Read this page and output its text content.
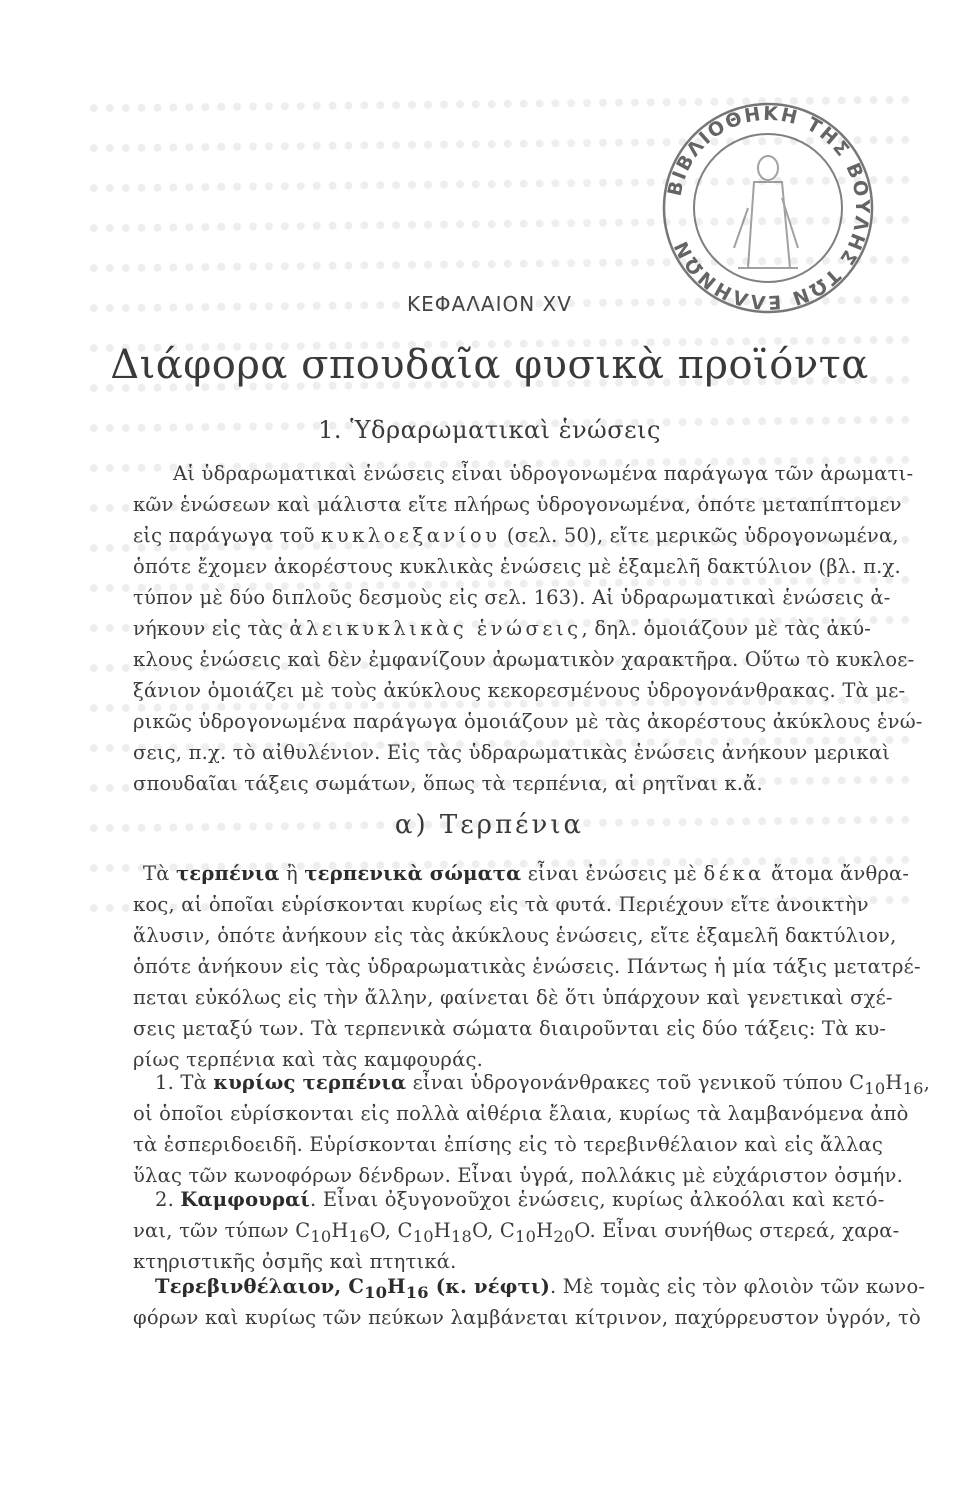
ΒΙΒΛΙΟΘΗΚΗ ΤΗΣ ΒΟΥΛΗΣ ΤΩΝ ΕΛΛΗΝΩΝ
ΚΕΦΑΛΑΙΟΝ XV
Διάφορα σπουδαῖα φυσικὰ προϊόντα
1. Ὑδραρωματικαὶ ἑνώσεις
Αἱ ὑδραρωματικαὶ ἑνώσεις εἶναι ὑδρογονωμένα παράγωγα τῶν ἀρωματι-
κῶν ἑνώσεων καὶ μάλιστα εἴτε πλήρως ὑδρογονωμένα, ὁπότε μεταπίπτομεν
εἰς παράγωγα τοῦ κυκλοεξανίου (σελ. 50), εἴτε μερικῶς ὑδρογονωμένα,
ὁπότε ἔχομεν ἀκορέστους κυκλικὰς ἑνώσεις μὲ ἑξαμελῆ δακτύλιον (βλ. π.χ.
τύπον μὲ δύο διπλοῦς δεσμοὺς εἰς σελ. 163). Αἱ ὑδραρωματικαὶ ἑνώσεις ἀ-
νήκουν εἰς τὰς ἀλεικυκλικὰς ἑνώσεις, δηλ. ὁμοιάζουν μὲ τὰς ἀκύ-
κλους ἑνώσεις καὶ δὲν ἐμφανίζουν ἀρωματικὸν χαρακτῆρα. Οὕτω τὸ κυκλοε-
ξάνιον ὁμοιάζει μὲ τοὺς ἀκύκλους κεκορεσμένους ὑδρογονάνθρακας. Τὰ με-
ρικῶς ὑδρογονωμένα παράγωγα ὁμοιάζουν μὲ τὰς ἀκορέστους ἀκύκλους ἑνώ-
σεις, π.χ. τὸ αἰθυλένιον. Εἰς τὰς ὑδραρωματικὰς ἑνώσεις ἀνήκουν μερικαὶ
σπουδαῖαι τάξεις σωμάτων, ὅπως τὰ τερπένια, αἱ ρητῖναι κ.ἄ.
α) Τερπένια
Τὰ τερπένια ἢ τερπενικὰ σώματα εἶναι ἑνώσεις μὲ δέκα ἄτομα ἄνθρα-
κος, αἱ ὁποῖαι εὑρίσκονται κυρίως εἰς τὰ φυτά. Περιέχουν εἴτε ἀνοικτὴν
ἅλυσιν, ὁπότε ἀνήκουν εἰς τὰς ἀκύκλους ἑνώσεις, εἴτε ἑξαμελῆ δακτύλιον,
ὁπότε ἀνήκουν εἰς τὰς ὑδραρωματικὰς ἑνώσεις. Πάντως ἡ μία τάξις μετατρέ-
πεται εὐκόλως εἰς τὴν ἄλλην, φαίνεται δὲ ὅτι ὑπάρχουν καὶ γενετικαὶ σχέ-
σεις μεταξύ των. Τὰ τερπενικὰ σώματα διαιροῦνται εἰς δύο τάξεις: Τὰ κυ-
ρίως τερπένια καὶ τὰς καμφουράς.
1. Τὰ κυρίως τερπένια εἶναι ὑδρογονάνθρακες τοῦ γενικοῦ τύπου $C_{10}H_{16}$,
οἱ ὁποῖοι εὑρίσκονται εἰς πολλὰ αἰθέρια ἔλαια, κυρίως τὰ λαμβανόμενα ἀπὸ
τὰ ἑσπεριδοειδῆ. Εὑρίσκονται ἐπίσης εἰς τὸ τερεβινθέλαιον καὶ εἰς ἄλλας
ὕλας τῶν κωνοφόρων δένδρων. Εἶναι ὑγρά, πολλάκις μὲ εὐχάριστον ὀσμήν.
2. Καμφουραί. Εἶναι ὀξυγονοῦχοι ἑνώσεις, κυρίως ἀλκοόλαι καὶ κετό-
ναι, τῶν τύπων $C_{10}H_{16}O$, $C_{10}H_{18}O$, $C_{10}H_{20}O$. Εἶναι συνήθως στερεά, χαρα-
κτηριστικῆς ὀσμῆς καὶ πτητικά.
Τερεβινθέλαιον, $C_{10}H_{16}$ (κ. νέφτι). Μὲ τομὰς εἰς τὸν φλοιὸν τῶν κωνο-
φόρων καὶ κυρίως τῶν πεύκων λαμβάνεται κίτρινον, παχύρρευστον ὑγρόν, τὸ
